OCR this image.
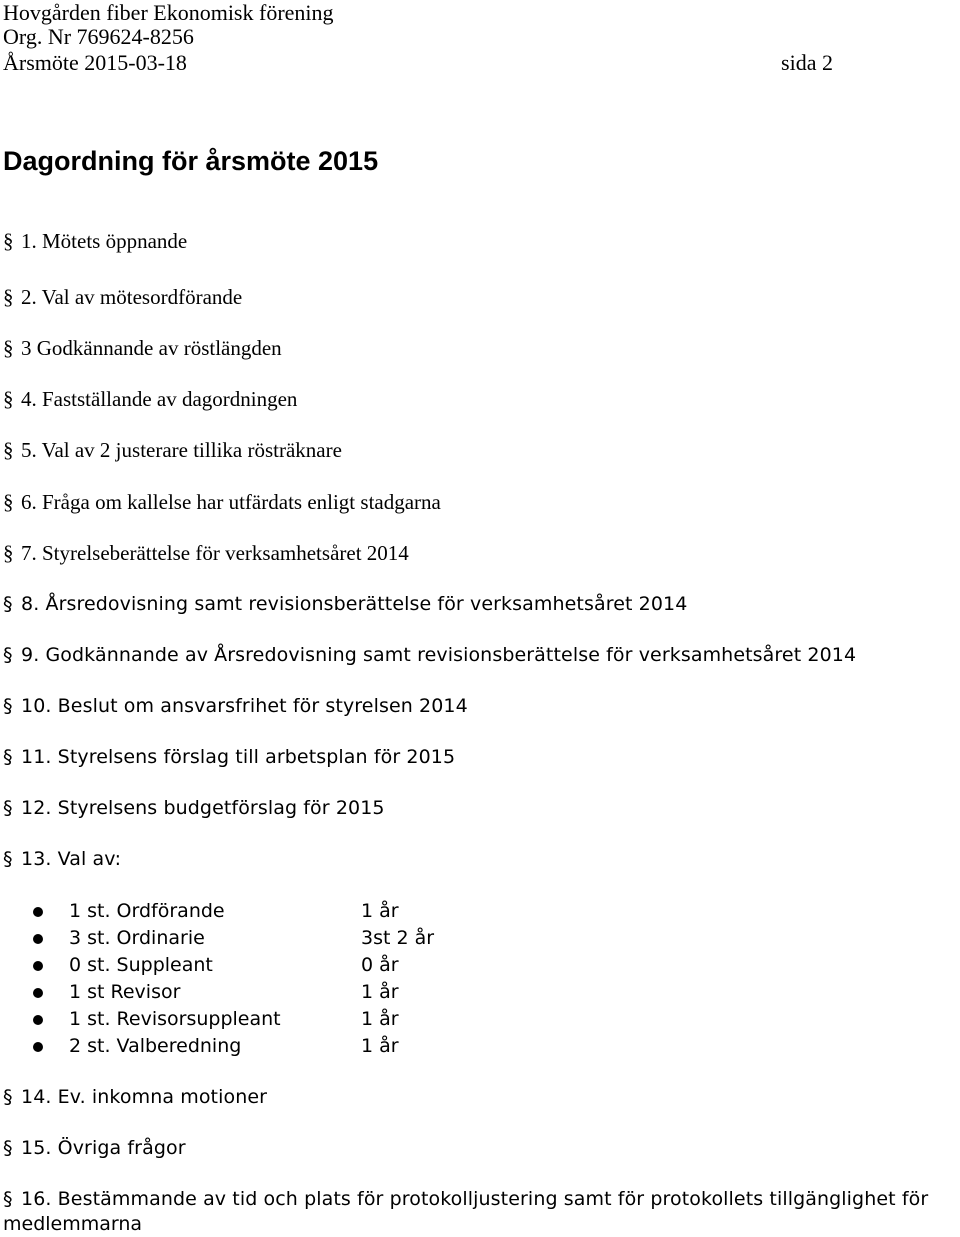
Hovgården fiber Ekonomisk förening
Org. Nr 769624-8256
Årsmöte 2015-03-18	sida 2
Dagordning för årsmöte 2015
§ 1. Mötets öppnande
§ 2. Val av mötesordförande
§ 3 Godkännande av röstlängden
§ 4. Fastställande av dagordningen
§ 5. Val av 2 justerare tillika rösträknare
§ 6. Fråga om kallelse har utfärdats enligt stadgarna
§ 7. Styrelseberättelse för verksamhetsåret 2014
§ 8. Årsredovisning samt revisionsberättelse för verksamhetsåret 2014
§ 9. Godkännande av Årsredovisning samt revisionsberättelse för verksamhetsåret 2014
§ 10. Beslut om ansvarsfrihet för styrelsen 2014
§ 11. Styrelsens förslag till arbetsplan för 2015
§ 12. Styrelsens budgetförslag för 2015
§ 13. Val av:
1 st. Ordförande	1 år
3 st. Ordinarie	3st 2 år
0 st. Suppleant	0 år
1 st Revisor	1 år
1 st. Revisorsuppleant	1 år
2 st. Valberedning	1 år
§ 14. Ev. inkomna motioner
§ 15. Övriga frågor
§ 16. Bestämmande av tid och plats för protokolljustering samt för protokollets tillgänglighet för
medlemmarna
